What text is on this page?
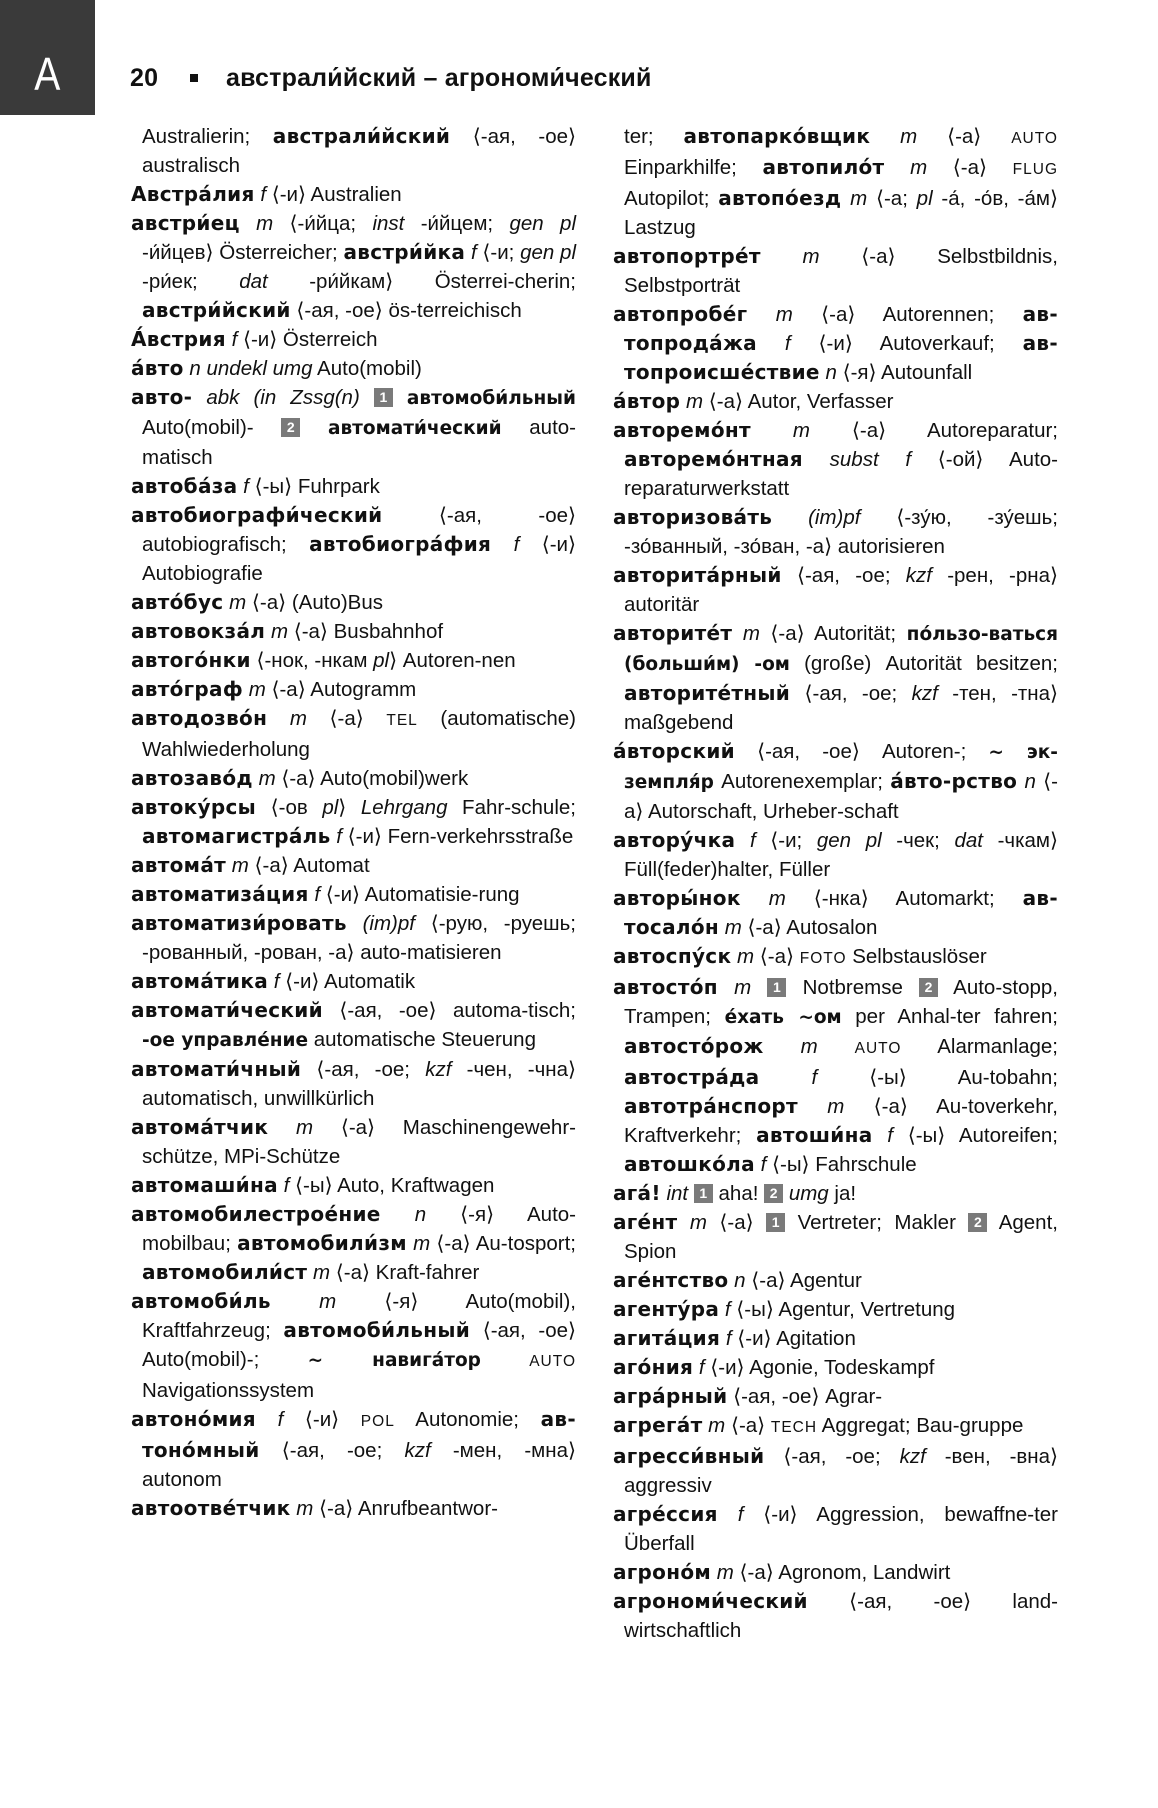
A	20	австрали́йский – агрономи́ческий

Australierin; австрали́йский ⟨-ая, -ое⟩ australisch

Австра́лия f ⟨-и⟩ Australien

австри́ец m ⟨-и́йца; inst -и́йцем; gen pl -и́йцев⟩ Österreicher; австри́йка f ⟨-и; gen pl -ри́ек; dat -ри́йкам⟩ Österrei-cherin; австри́йский ⟨-ая, -ое⟩ ös-terreichisch

А́встрия f ⟨-и⟩ Österreich

а́вто n undekl umg Auto(mobil)

авто- abk (in Zssg(n) 1 автомоби́льный Auto(mobil)- 2 автомати́ческий auto-matisch

автоба́за f ⟨-ы⟩ Fuhrpark

автобиографи́ческий ⟨-ая, -ое⟩ autobiografisch; автобиогра́фия f ⟨-и⟩ Autobiografie

авто́бус m ⟨-а⟩ (Auto)Bus

автовокза́л m ⟨-а⟩ Busbahnhof

автого́нки ⟨-нок, -нкам pl⟩ Autoren-nen

авто́граф m ⟨-а⟩ Autogramm

автодозво́н m ⟨-а⟩ TEL (automatische) Wahlwiederholung

автозаво́д m ⟨-а⟩ Auto(mobil)werk

автоку́рсы ⟨-ов pl⟩ Lehrgang Fahr-schule; автомагистра́ль f ⟨-и⟩ Fern-verkehrsstraße

автома́т m ⟨-а⟩ Automat

автоматиза́ция f ⟨-и⟩ Automatisie-rung

автоматизи́ровать (im)pf ⟨-рую, -руешь; -рованный, -рован, -а⟩ auto-matisieren

автома́тика f ⟨-и⟩ Automatik

автомати́ческий ⟨-ая, -ое⟩ automa-tisch; -ое управле́ние automatische Steuerung

автомати́чный ⟨-ая, -ое; kzf -чен, -чна⟩ automatisch, unwillkürlich

автома́тчик m ⟨-а⟩ Maschinengewehr-schütze, MPi-Schütze

автомаши́на f ⟨-ы⟩ Auto, Kraftwagen

автомобилестрое́ние n ⟨-я⟩ Auto-mobilbau; автомобили́зм m ⟨-а⟩ Au-tosport; автомобили́ст m ⟨-а⟩ Kraft-fahrer

автомоби́ль m ⟨-я⟩ Auto(mobil), Kraftfahrzeug; автомоби́льный ⟨-ая, -ое⟩ Auto(mobil)-; ~ навига́тор	AUTO Navigationssystem

автоно́мия f ⟨-и⟩ POL Autonomie; ав-тоно́мный ⟨-ая, -ое; kzf -мен, -мна⟩ autonom

автоотве́тчик m ⟨-а⟩ Anrufbeantwor-

ter; автопарко́вщик m ⟨-а⟩ AUTO Einparkhilfe; автопило́т m ⟨-а⟩ FLUG Autopilot; автопо́езд m ⟨-а; pl -а́, -о́в, -а́м⟩ Lastzug

автопортре́т m ⟨-а⟩ Selbstbildnis, Selbstporträt

автопробе́г m ⟨-а⟩ Autorennen; ав-топрода́жа f ⟨-и⟩ Autoverkauf; ав-топроисше́ствие n ⟨-я⟩ Autounfall

а́втор m ⟨-а⟩ Autor, Verfasser

авторемо́нт m ⟨-а⟩ Autoreparatur; авторемо́нтная subst f ⟨-ой⟩ Auto-reparaturwerkstatt

авторизова́ть (im)pf ⟨-зу́ю, -зу́ешь; -зо́ванный, -зо́ван, -а⟩ autorisieren

авторита́рный ⟨-ая, -ое; kzf -рен, -рна⟩ autoritär

авторите́т m ⟨-а⟩ Autorität; по́льзо-ваться (больши́м) -ом (große) Autorität besitzen; авторите́тный ⟨-ая, -ое; kzf -тен, -тна⟩ maßgebend

а́вторский ⟨-ая, -ое⟩ Autoren-; ~ эк-земпля́р Autorenexemplar; а́вто-рство n ⟨-а⟩ Autorschaft, Urheber-schaft

автору́чка f ⟨-и; gen pl -чек; dat -чкам⟩ Füll(feder)halter, Füller

авторы́нок m ⟨-нка⟩ Automarkt; ав-тосало́н m ⟨-а⟩ Autosalon

автоспу́ск m ⟨-а⟩ FOTO Selbstauslöser

автосто́п m 1 Notbremse 2 Auto-stopp, Trampen; е́хать ~ом per Anhal-ter fahren; автосто́рож m AUTO Alarmanlage; автостра́да	f ⟨-ы⟩ Au-tobahn; автотра́нспорт m ⟨-а⟩ Au-toverkehr, Kraftverkehr; автоши́на f ⟨-ы⟩ Autoreifen; автошко́ла f ⟨-ы⟩ Fahrschule

ага́! int 1 aha! 2 umg ja!

аге́нт m ⟨-а⟩ 1 Vertreter; Makler 2 Agent, Spion

аге́нтство n ⟨-а⟩ Agentur

агенту́ра f ⟨-ы⟩ Agentur, Vertretung

агита́ция f ⟨-и⟩ Agitation

аго́ния f ⟨-и⟩ Agonie, Todeskampf

агра́рный ⟨-ая, -ое⟩ Agrar-

агрега́т m ⟨-а⟩ TECH Aggregat; Bau-gruppe

агресси́вный ⟨-ая, -ое; kzf -вен, -вна⟩ aggressiv

агре́ссия f ⟨-и⟩ Aggression, bewaffne-ter Überfall

агроно́м m ⟨-а⟩ Agronom, Landwirt

агрономи́ческий ⟨-ая, -ое⟩ land-wirtschaftlich
